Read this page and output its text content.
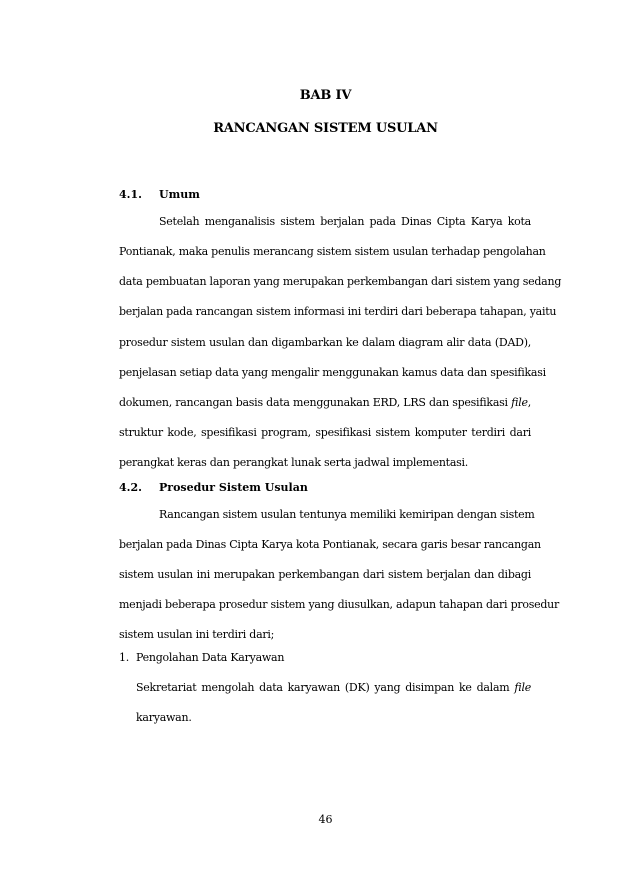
BAB IV
RANCANGAN SISTEM USULAN
4.1. Umum
Setelah menganalisis sistem berjalan pada Dinas Cipta Karya kota
Pontianak, maka penulis merancang sistem sistem usulan terhadap pengolahan
data pembuatan laporan yang merupakan perkembangan dari sistem yang sedang
berjalan pada rancangan sistem informasi ini terdiri dari beberapa tahapan, yaitu
prosedur sistem usulan dan digambarkan ke dalam diagram alir data (DAD),
penjelasan setiap data yang mengalir menggunakan kamus data dan spesifikasi
dokumen, rancangan basis data menggunakan ERD, LRS dan spesifikasi file,
struktur kode, spesifikasi program, spesifikasi sistem komputer terdiri dari
perangkat keras dan perangkat lunak serta jadwal implementasi.
4.2. Prosedur Sistem Usulan
Rancangan sistem usulan tentunya memiliki kemiripan dengan sistem
berjalan pada Dinas Cipta Karya kota Pontianak, secara garis besar rancangan
sistem usulan ini merupakan perkembangan dari sistem berjalan dan dibagi
menjadi beberapa prosedur sistem yang diusulkan, adapun tahapan dari prosedur
sistem usulan ini terdiri dari;
1. Pengolahan Data Karyawan
Sekretariat mengolah data karyawan (DK) yang disimpan ke dalam file
karyawan.
46
